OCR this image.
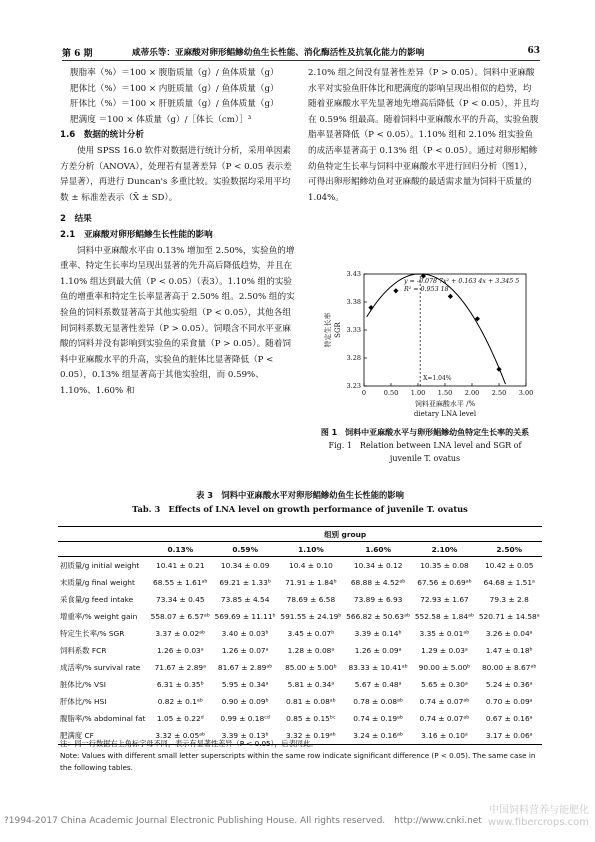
第 6 期	咸蒂乐等：亚麻酸对卵形鲳鲹幼鱼生长性能、消化酶活性及抗氧化能力的影响	63

腹脂率（%）＝100 × 腹脂质量（g）/ 鱼体质量（g）

肥体比（%）＝100 × 内脏质量（g）/ 鱼体质量（g）

肝体比（%）＝100 × 肝脏质量（g）/ 鱼体质量（g）

肥满度 ＝100 × 体质量（g）/［体长（cm）］³

1.6　数据的统计分析

使用 SPSS 16.0 软件对数据进行统计分析，采用单因素方差分析（ANOVA），处理若有显著差异（P < 0.05 表示差异显著），再进行 Duncan's 多重比较。实验数据均采用平均数 ± 标准差表示（X̄ ± SD）。

2　结果

2.1　亚麻酸对卵形鲳鲹生长性能的影响

饲料中亚麻酸水平由 0.13% 增加至 2.50%，实验鱼的增重率、特定生长率均呈现出显著的先升高后降低趋势，并且在 1.10% 组达到最大值（P < 0.05）（表3）。1.10% 组的实验鱼的增重率和特定生长率显著高于 2.50% 组。2.50% 组的实验鱼的饲料系数显著高于其他实验组（P < 0.05），其他各组间饲料系数无显著性差异（P > 0.05）。饲喂含不同水平亚麻酸的饲料并没有影响到实验鱼的采食量（P > 0.05）。随着饲料中亚麻酸水平的升高，实验鱼的脏体比显著降低（P < 0.05），0.13% 组显著高于其他实验组，而 0.59%、1.10%、1.60% 和

2.10% 组之间没有显著性差异（P > 0.05）。饲料中亚麻酸水平对实验鱼肝体比和肥满度的影响呈现出相似的趋势，均随着亚麻酸水平先显著地先增高后降低（P < 0.05），并且均在 0.59% 组最高。随着饲料中亚麻酸水平的升高，实验鱼腹脂率显著降低（P < 0.05）。1.10% 组和 2.10% 组实验鱼的成活率显著高于 0.13% 组（P < 0.05）。通过对卵形鲳鲹幼鱼特定生长率与饲料中亚麻酸水平进行回归分析（图1），可得出卵形鲳鲹幼鱼对亚麻酸的最适需求量为饲料干质量的 1.04%。

0	0.50 1.00 1.50 2.00 2.50 3.00
3.23
3.28
3.33
3.38
3.43
X=1.04%
y = -0.078 7x² + 0.163 4x + 3.345 5
R² = 0.953 18
饲料亚麻酸水平 /%
dietary LNA level
特定生长率 SGR
图 1　饲料中亚麻酸水平与卵形鲳鲹幼鱼特定生长率的关系
Fig. 1　Relation between LNA level and SGR of
juvenile T. ovatus
表 3　饲料中亚麻酸水平对卵形鲳鲹幼鱼生长性能的影响
Tab. 3　Effects of LNA level on growth performance of juvenile T. ovatus
	组别 group					
	0.13%	0.59%	1.10%	1.60%	2.10%	2.50%
初质量/g initial weight	10.41 ± 0.21	10.34 ± 0.09	10.4 ± 0.10	10.34 ± 0.12	10.35 ± 0.08	10.42 ± 0.05
末质量/g final weight	68.55 ± 1.61ᵃᵇ	69.21 ± 1.33ᵇ	71.91 ± 1.84ᵇ	68.88 ± 4.52ᵃᵇ	67.56 ± 0.69ᵃᵇ	64.68 ± 1.51ᵃ
采食量/g feed intake	73.34 ± 0.45	73.85 ± 4.54	78.69 ± 6.58	73.89 ± 6.93	72.93 ± 1.67	79.3 ± 2.8
增重率/% weight gain	558.07 ± 6.57ᵃᵇ	569.69 ± 11.11ᵇ	591.55 ± 24.19ᵇ	566.82 ± 50.63ᵃᵇ	552.58 ± 1.84ᵃᵇ	520.71 ± 14.58ᵃ
特定生长率/% SGR	3.37 ± 0.02ᵃᵇ	3.40 ± 0.03ᵇ	3.45 ± 0.07ᵇ	3.39 ± 0.14ᵇ	3.35 ± 0.01ᵃᵇ	3.26 ± 0.04ᵃ
饲料系数 FCR	1.26 ± 0.03ᵃ	1.26 ± 0.07ᵃ	1.28 ± 0.08ᵃ	1.26 ± 0.09ᵃ	1.29 ± 0.03ᵃ	1.47 ± 0.18ᵇ
成活率/% survival rate	71.67 ± 2.89ᵃ	81.67 ± 2.89ᵃᵇ	85.00 ± 5.00ᵇ	83.33 ± 10.41ᵃᵇ	90.00 ± 5.00ᵇ	80.00 ± 8.67ᵃᵇ
脏体比/% VSI	6.31 ± 0.35ᵇ	5.95 ± 0.34ᵃ	5.81 ± 0.34ᵃ	5.67 ± 0.48ᵃ	5.65 ± 0.30ᵃ	5.24 ± 0.36ᵃ
肝体比/% HSI	0.82 ± 0.1ᵃᵇ	0.90 ± 0.09ᵇ	0.81 ± 0.08ᵃᵇ	0.78 ± 0.08ᵃᵇ	0.74 ± 0.07ᵃᵇ	0.70 ± 0.09ᵃ
腹脂率/% abdominal fat	1.05 ± 0.22ᵈ	0.99 ± 0.18ᶜᵈ	0.85 ± 0.15ᵇᶜ	0.74 ± 0.19ᵃᵇ	0.74 ± 0.07ᵃᵇ	0.67 ± 0.16ᵃ
肥满度 CF	3.32 ± 0.05ᵃᵇ	3.39 ± 0.13ᵇ	3.32 ± 0.19ᵃᵇ	3.24 ± 0.16ᵃᵇ	3.16 ± 0.10ᵃ	3.17 ± 0.06ᵃ
注：同一行数据右上角标字母不同，表示有显著性差异（P < 0.05），后表同此。
Note: Values with different small letter superscripts within the same row indicate significant difference (P < 0.05). The same case in the following tables.
?1994-2017 China Academic Journal Electronic Publishing House. All rights reserved.　http://www.cnki.net
中国饲料营养与能肥化
www.fibercrops.com
